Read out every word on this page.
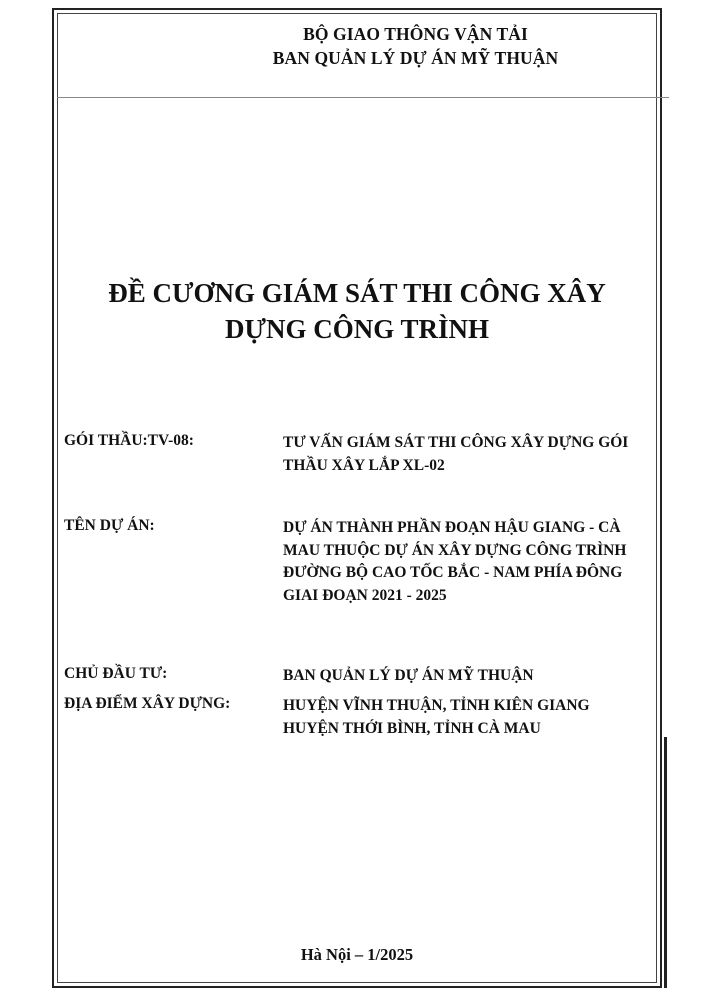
BỘ GIAO THÔNG VẬN TẢI
BAN QUẢN LÝ DỰ ÁN MỸ THUẬN
ĐỀ CƯƠNG GIÁM SÁT THI CÔNG XÂY
DỰNG CÔNG TRÌNH
GÓI THẦU:TV-08:	TƯ VẤN GIÁM SÁT THI CÔNG XÂY DỰNG GÓI
THẦU XÂY LẮP XL-02
TÊN DỰ ÁN:	DỰ ÁN THÀNH PHẦN ĐOẠN HẬU GIANG - CÀ
MAU THUỘC DỰ ÁN XÂY DỰNG CÔNG TRÌNH
ĐƯỜNG BỘ CAO TỐC BẮC - NAM PHÍA ĐÔNG
GIAI ĐOẠN 2021 - 2025
CHỦ ĐẦU TƯ:	BAN QUẢN LÝ DỰ ÁN MỸ THUẬN
ĐỊA ĐIỂM XÂY DỰNG:	HUYỆN VĨNH THUẬN, TỈNH KIÊN GIANG
HUYỆN THỚI BÌNH, TỈNH CÀ MAU
Hà Nội – 1/2025
